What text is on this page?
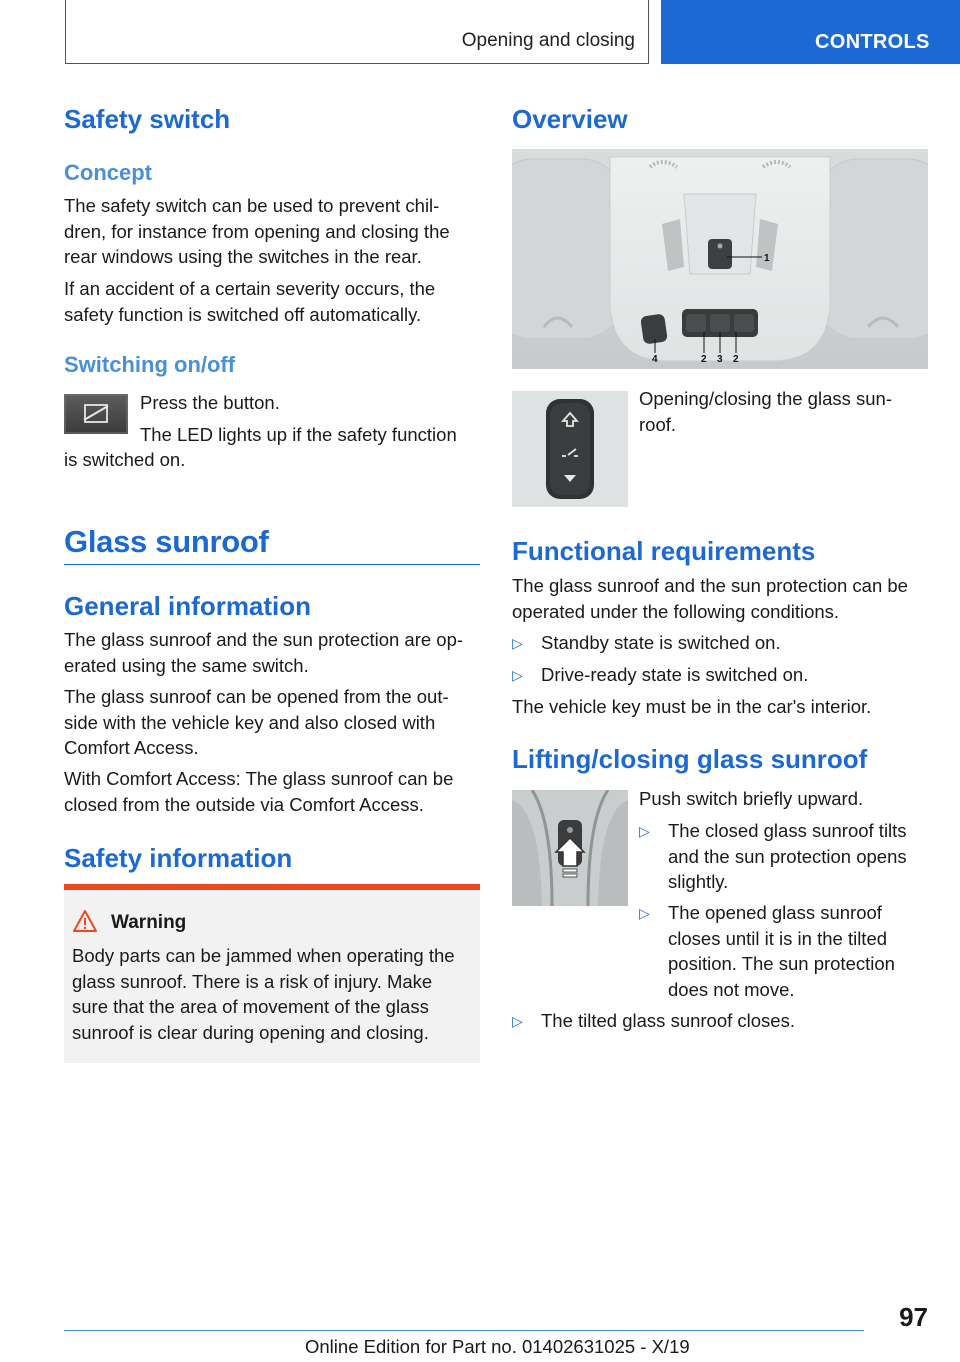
Opening and closing	CONTROLS
Safety switch
Concept

The safety switch can be used to prevent chil-

dren, for instance from opening and closing the

rear windows using the switches in the rear.

If an accident of a certain severity occurs, the

safety function is switched off automatically.

Switching on/off

Press the button.

The LED lights up if the safety function

is switched on.

Glass sunroof
General information

The glass sunroof and the sun protection are op-

erated using the same switch.

The glass sunroof can be opened from the out-

side with the vehicle key and also closed with

Comfort Access.

With Comfort Access: The glass sunroof can be

closed from the outside via Comfort Access.

Safety information
Warning

Body parts can be jammed when operating the

glass sunroof. There is a risk of injury. Make

sure that the area of movement of the glass

sunroof is clear during opening and closing.

Overview
1
4	2 3 2

Opening/closing the glass sun-

roof.

Functional requirements

The glass sunroof and the sun protection can be

operated under the following conditions.

▷ Standby state is switched on.
▷ Drive-ready state is switched on.

The vehicle key must be in the car's interior.

Lifting/closing glass sunroof

Push switch briefly upward.

▷ The closed glass sunroof tilts

and the sun protection opens

slightly.

▷ The opened glass sunroof

closes until it is in the tilted

position. The sun protection

does not move.

▷ The tilted glass sunroof closes.
97
Online Edition for Part no. 01402631025 - X/19
